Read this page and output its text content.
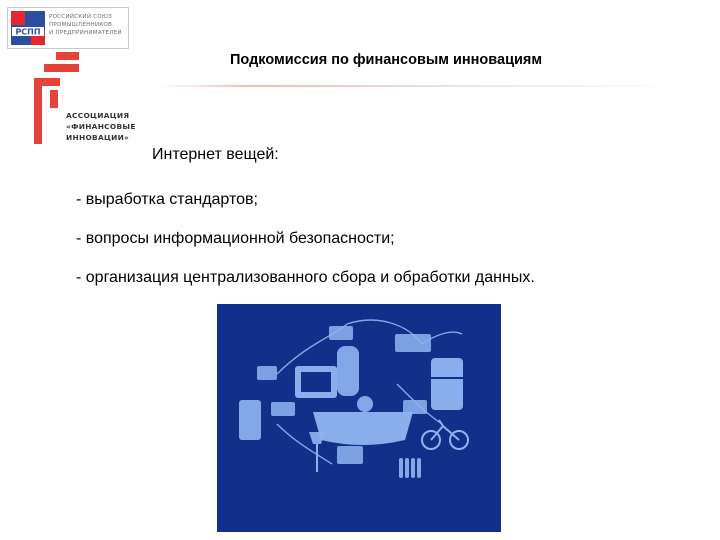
РСПП
РОССИЙСКИЙ СОЮЗ
ПРОМЫШЛЕННИКОВ
И ПРЕДПРИНИМАТЕЛЕЙ
АССОЦИАЦИЯ
«ФИНАНСОВЫЕ
ИННОВАЦИИ»
Подкомиссия по финансовым инновациям
Интернет вещей:
- выработка стандартов;
- вопросы информационной безопасности;
- организация централизованного сбора и обработки данных.
